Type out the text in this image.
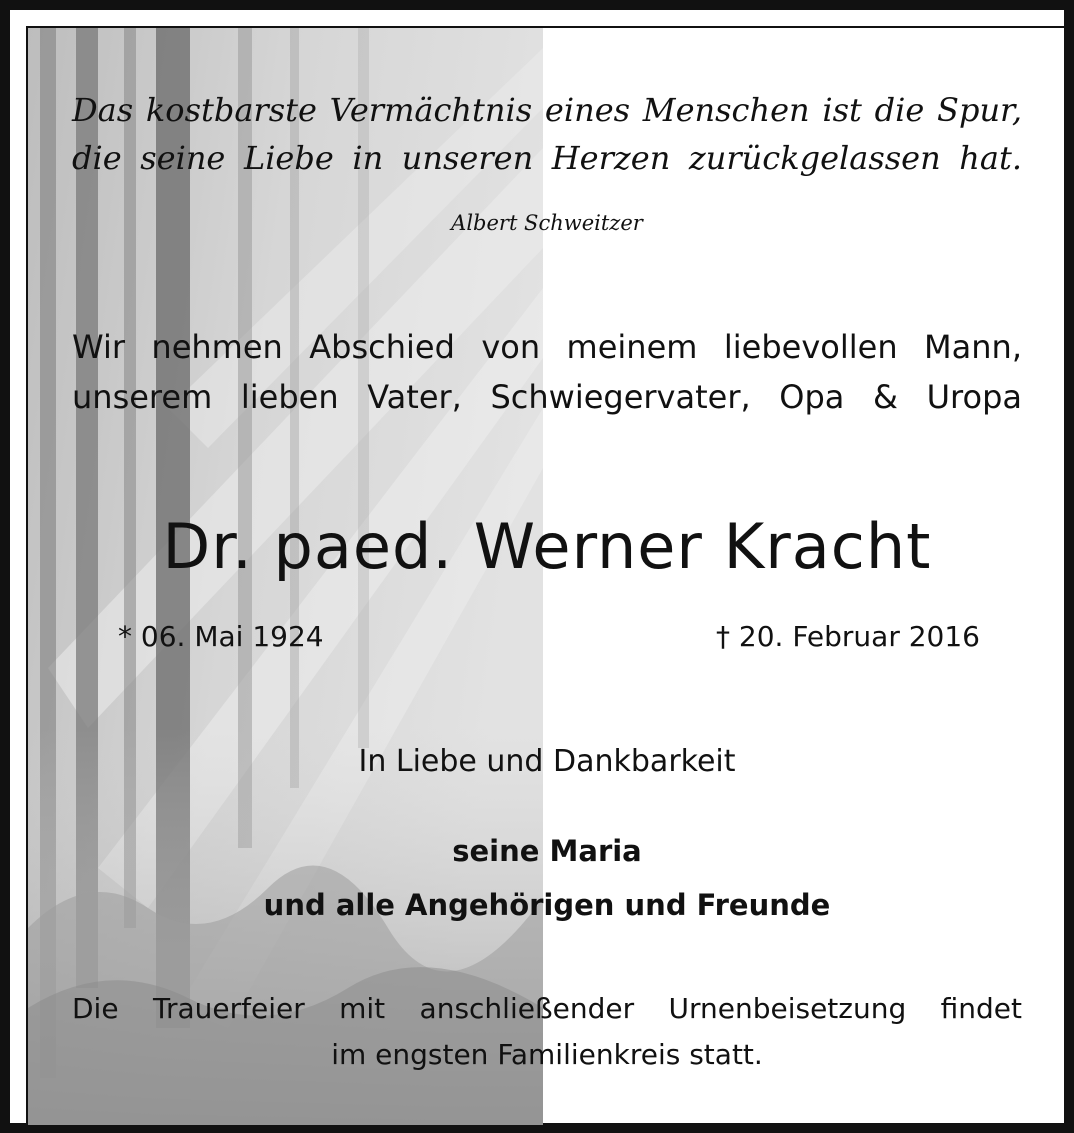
Das kostbarste Vermächtnis eines Menschen ist die Spur,
die seine Liebe in unseren Herzen zurückgelassen hat.
Albert Schweitzer
Wir nehmen Abschied von meinem liebevollen Mann,
unserem lieben Vater, Schwiegervater, Opa & Uropa
Dr. paed. Werner Kracht
* 06. Mai 1924	† 20. Februar 2016
In Liebe und Dankbarkeit
seine Maria
und alle Angehörigen und Freunde
Die Trauerfeier mit anschließender Urnenbeisetzung findet
im engsten Familienkreis statt.
